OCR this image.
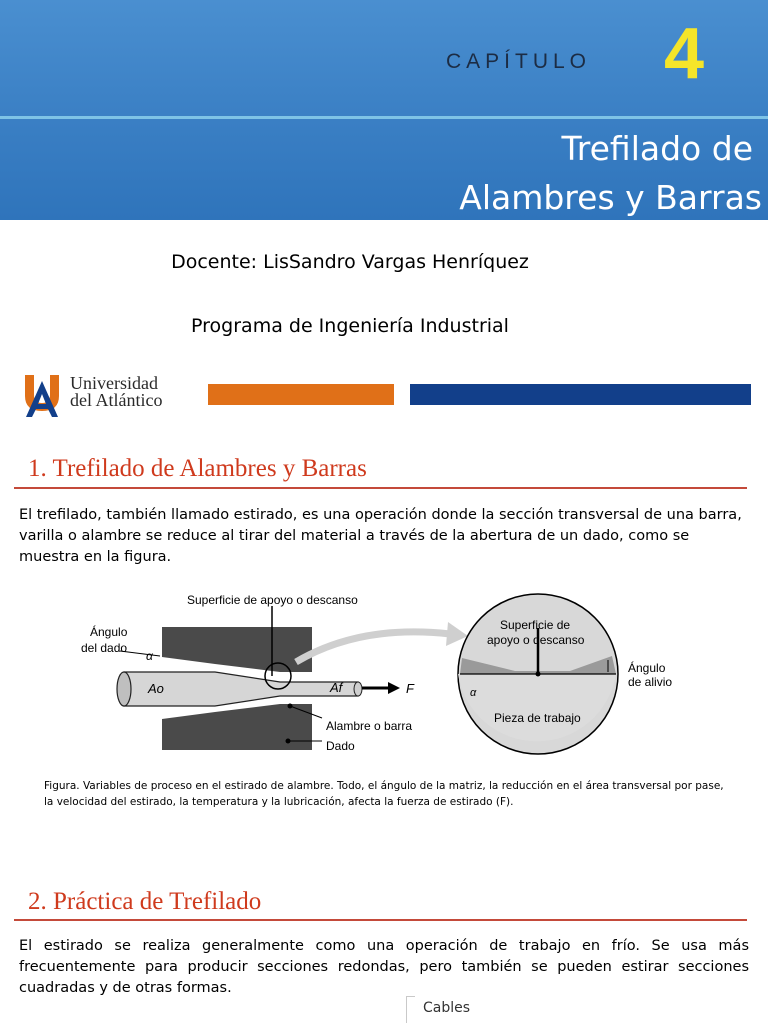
CAPÍTULO 4
Trefilado de
Alambres y Barras
Docente: LisSandro Vargas Henríquez
Programa de Ingeniería Industrial
Universidad
del Atlántico
1. Trefilado de Alambres y Barras
El trefilado, también llamado estirado, es una operación donde la sección transversal de una barra, varilla o alambre se reduce al tirar del material a través de la abertura de un dado, como se muestra en la figura.
Superficie de apoyo o descanso
Ángulo
del dado
α
Ao	Af	F
Alambre o barra
Dado
Superficie de
apoyo o descanso
Pieza de trabajo
α
Ángulo
de alivio
Figura. Variables de proceso en el estirado de alambre. Todo, el ángulo de la matriz, la reducción en el área transversal por pase, la velocidad del estirado, la temperatura y la lubricación, afecta la fuerza de estirado (F).
2. Práctica de Trefilado
El estirado se realiza generalmente como una operación de trabajo en frío. Se usa más frecuentemente para producir secciones redondas, pero también se pueden estirar secciones cuadradas y de otras formas.
Cables
